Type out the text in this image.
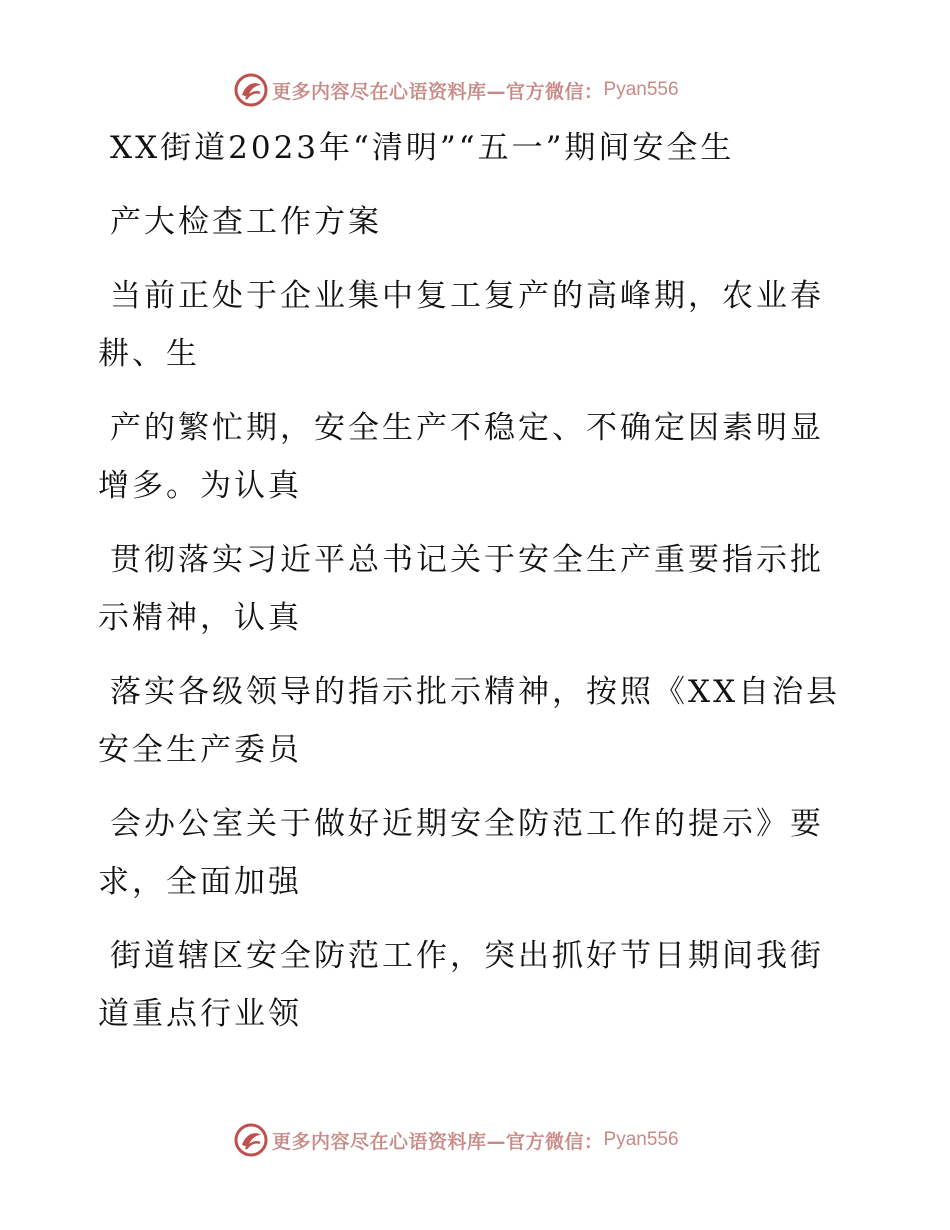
更多内容尽在心语资料库—官方微信： Pyan556
XX街道2023年“清明”“五一”期间安全生
产大检查工作方案
当前正处于企业集中复工复产的高峰期，农业春
耕、生
产的繁忙期，安全生产不稳定、不确定因素明显
增多。为认真
贯彻落实习近平总书记关于安全生产重要指示批
示精神，认真
落实各级领导的指示批示精神，按照《XX自治县
安全生产委员
会办公室关于做好近期安全防范工作的提示》要
求，全面加强
街道辖区安全防范工作，突出抓好节日期间我街
道重点行业领
更多内容尽在心语资料库—官方微信： Pyan556
